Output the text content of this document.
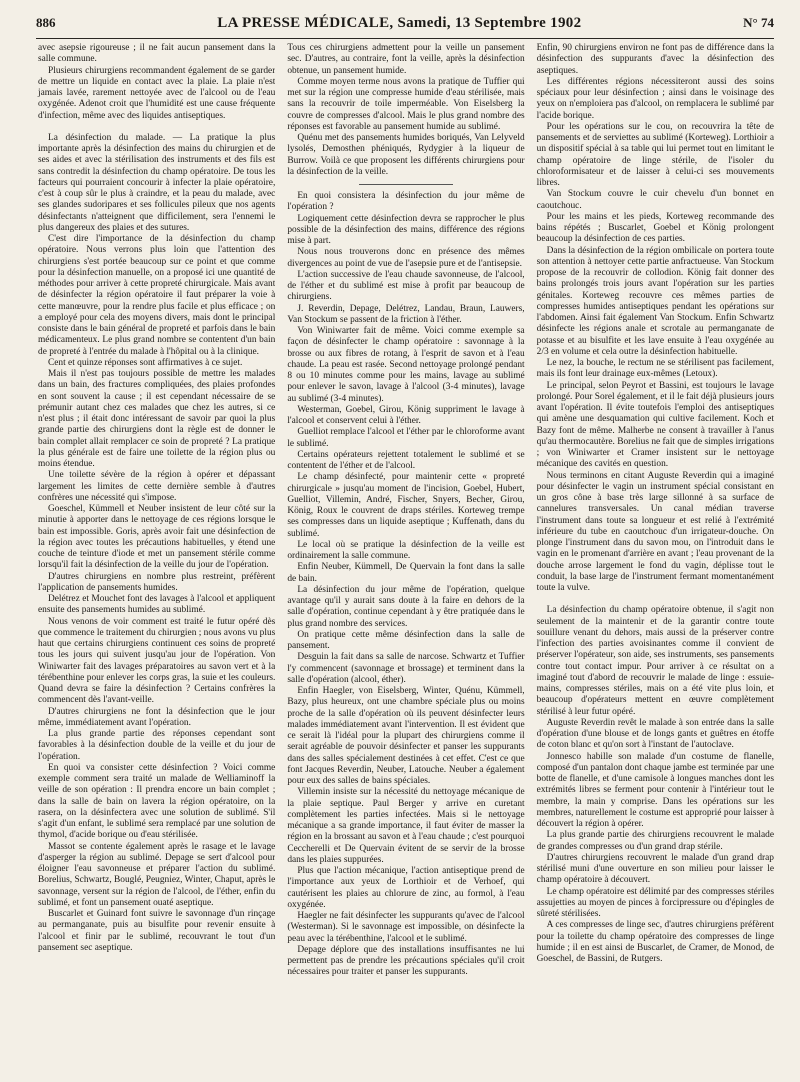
886	LA PRESSE MÉDICALE, Samedi, 13 Septembre 1902	N° 74

avec asepsie rigoureuse ; il ne fait aucun pansement dans la salle commune.

Plusieurs chirurgiens recommandent également de se garder de mettre un liquide en contact avec la plaie. La plaie n'est jamais lavée, rarement nettoyée avec de l'alcool ou de l'eau oxygénée. Adenot croit que l'humidité est une cause fréquente d'infection, même avec des liquides antiseptiques.

La désinfection du malade. — La pratique la plus importante après la désinfection des mains du chirurgien et de ses aides et avec la stérilisation des instruments et des fils est sans contredit la désinfection du champ opératoire. De tous les facteurs qui pourraient concourir à infecter la plaie opératoire, c'est à coup sûr le plus à craindre, et la peau du malade, avec ses glandes sudoripares et ses follicules pileux que nos agents désinfectants n'atteignent que difficilement, sera l'ennemi le plus dangereux des plaies et des sutures.

C'est dire l'importance de la désinfection du champ opératoire. Nous verrons plus loin que l'attention des chirurgiens s'est portée beaucoup sur ce point et que comme pour la désinfection manuelle, on a proposé ici une quantité de méthodes pour arriver à cette propreté chirurgicale. Mais avant de désinfecter la région opératoire il faut préparer la voie à cette manœuvre, pour la rendre plus facile et plus efficace ; on a employé pour cela des moyens divers, mais dont le principal consiste dans le bain général de propreté et parfois dans le bain médicamenteux. Le plus grand nombre se contentent d'un bain de propreté à l'entrée du malade à l'hôpital ou à la clinique.

Cent et quinze réponses sont affirmatives à ce sujet.

Mais il n'est pas toujours possible de mettre les malades dans un bain, des fractures compliquées, des plaies profondes en sont souvent la cause ; il est cependant nécessaire de se prémunir autant chez ces malades que chez les autres, si ce n'est plus ; il était donc intéressant de savoir par quoi la plus grande partie des chirurgiens dont la règle est de donner le bain complet allait remplacer ce soin de propreté ? La pratique la plus générale est de faire une toilette de la région plus ou moins étendue.

Une toilette sévère de la région à opérer et dépassant largement les limites de cette dernière semble à d'autres confrères une nécessité qui s'impose.

Goeschel, Kümmell et Neuber insistent de leur côté sur la minutie à apporter dans le nettoyage de ces régions lorsque le bain est impossible. Goris, après avoir fait une désinfection de la région avec toutes les précautions habituelles, y étend une couche de teinture d'iode et met un pansement stérile comme lorsqu'il fait la désinfection de la veille du jour de l'opération.

D'autres chirurgiens en nombre plus restreint, préfèrent l'application de pansements humides.

Delétrez et Mouchet font des lavages à l'alcool et appliquent ensuite des pansements humides au sublimé.

Nous venons de voir comment est traité le futur opéré dès que commence le traitement du chirurgien ; nous avons vu plus haut que certains chirurgiens continuent ces soins de propreté tous les jours qui suivent jusqu'au jour de l'opération. Von Winiwarter fait des lavages préparatoires au savon vert et à la térébenthine pour enlever les corps gras, la suie et les couleurs. Quand devra se faire la désinfection ? Certains confrères la commencent dès l'avant-veille.

D'autres chirurgiens ne font la désinfection que le jour même, immédiatement avant l'opération.

La plus grande partie des réponses cependant sont favorables à la désinfection double de la veille et du jour de l'opération.

En quoi va consister cette désinfection ? Voici comme exemple comment sera traité un malade de Welliaminoff la veille de son opération : Il prendra encore un bain complet ; dans la salle de bain on lavera la région opératoire, on la rasera, on la désinfectera avec une solution de sublimé. S'il s'agit d'un enfant, le sublimé sera remplacé par une solution de thymol, d'acide borique ou d'eau stérilisée.

Massot se contente également après le rasage et le lavage d'asperger la région au sublimé. Depage se sert d'alcool pour éloigner l'eau savonneuse et préparer l'action du sublimé. Borelius, Schwartz, Bouglé, Peugniez, Winter, Chaput, après le savonnage, versent sur la région de l'alcool, de l'éther, enfin du sublimé, et font un pansement ouaté aseptique.

Buscarlet et Guinard font suivre le savonnage d'un rinçage au permanganate, puis au bisulfite pour revenir ensuite à l'alcool et finir par le sublimé, recouvrant le tout d'un pansement sec aseptique.

Tous ces chirurgiens admettent pour la veille un pansement sec. D'autres, au contraire, font la veille, après la désinfection obtenue, un pansement humide.

Comme moyen terme nous avons la pratique de Tuffier qui met sur la région une compresse humide d'eau stérilisée, mais sans la recouvrir de toile imperméable. Von Eiselsberg la couvre de compresses d'alcool. Mais le plus grand nombre des réponses est favorable au pansement humide au sublimé.

Quénu met des pansements humides boriqués, Van Lelyveld lysolés, Demosthen phéniqués, Rydygier à la liqueur de Burrow. Voilà ce que proposent les différents chirurgiens pour la désinfection de la veille.

En quoi consistera la désinfection du jour même de l'opération ?

Logiquement cette désinfection devra se rapprocher le plus possible de la désinfection des mains, différence des régions mise à part.

Nous nous trouverons donc en présence des mêmes divergences au point de vue de l'asepsie pure et de l'antisepsie.

L'action successive de l'eau chaude savonneuse, de l'alcool, de l'éther et du sublimé est mise à profit par beaucoup de chirurgiens.

J. Reverdin, Depage, Delétrez, Landau, Braun, Lauwers, Van Stockum se passent de la friction à l'éther.

Von Winiwarter fait de même. Voici comme exemple sa façon de désinfecter le champ opératoire : savonnage à la brosse ou aux fibres de rotang, à l'esprit de savon et à l'eau chaude. La peau est rasée. Second nettoyage prolongé pendant 8 ou 10 minutes comme pour les mains, lavage au sublimé pour enlever le savon, lavage à l'alcool (3-4 minutes), lavage au sublimé (3-4 minutes).

Westerman, Goebel, Girou, König suppriment le lavage à l'alcool et conservent celui à l'éther.

Guelliot remplace l'alcool et l'éther par le chloroforme avant le sublimé.

Certains opérateurs rejettent totalement le sublimé et se contentent de l'éther et de l'alcool.

Le champ désinfecté, pour maintenir cette « propreté chirurgicale » jusqu'au moment de l'incision, Goebel, Hubert, Guelliot, Villemin, André, Fischer, Snyers, Becher, Girou, König, Roux le couvrent de draps stériles. Korteweg trempe ses compresses dans un liquide aseptique ; Kuffenath, dans du sublimé.

Le local où se pratique la désinfection de la veille est ordinairement la salle commune.

Enfin Neuber, Kümmell, De Quervain la font dans la salle de bain.

La désinfection du jour même de l'opération, quelque avantage qu'il y aurait sans doute à la faire en dehors de la salle d'opération, continue cependant à y être pratiquée dans le plus grand nombre des services.

On pratique cette même désinfection dans la salle de pansement.

Desguin la fait dans sa salle de narcose. Schwartz et Tuffier l'y commencent (savonnage et brossage) et terminent dans la salle d'opération (alcool, éther).

Enfin Haegler, von Eiselsberg, Winter, Quénu, Kümmell, Bazy, plus heureux, ont une chambre spéciale plus ou moins proche de la salle d'opération où ils peuvent désinfecter leurs malades immédiatement avant l'intervention. Il est évident que ce serait là l'idéal pour la plupart des chirurgiens comme il serait agréable de pouvoir désinfecter et panser les suppurants dans des salles spécialement destinées à cet effet. C'est ce que font Jacques Reverdin, Neuber, Latouche. Neuber a également pour eux des salles de bains spéciales.

Villemin insiste sur la nécessité du nettoyage mécanique de la plaie septique. Paul Berger y arrive en curetant complètement les parties infectées. Mais si le nettoyage mécanique a sa grande importance, il faut éviter de masser la région en la brossant au savon et à l'eau chaude ; c'est pourquoi Ceccherelli et De Quervain évitent de se servir de la brosse dans les plaies suppurées.

Plus que l'action mécanique, l'action antiseptique prend de l'importance aux yeux de Lorthioir et de Verhoef, qui cautérisent les plaies au chlorure de zinc, au formol, à l'eau oxygénée.

Haegler ne fait désinfecter les suppurants qu'avec de l'alcool (Westerman). Si le savonnage est impossible, on désinfecte la peau avec la térébenthine, l'alcool et le sublimé.

Depage déplore que des installations insuffisantes ne lui permettent pas de prendre les précautions spéciales qu'il croit nécessaires pour traiter et panser les suppurants.

Enfin, 90 chirurgiens environ ne font pas de différence dans la désinfection des suppurants d'avec la désinfection des aseptiques.

Les différentes régions nécessiteront aussi des soins spéciaux pour leur désinfection ; ainsi dans le voisinage des yeux on n'emploiera pas d'alcool, on remplacera le sublimé par l'acide borique.

Pour les opérations sur le cou, on recouvrira la tête de pansements et de serviettes au sublimé (Korteweg). Lorthioir a un dispositif spécial à sa table qui lui permet tout en limitant le champ opératoire de linge stérile, de l'isoler du chloroformisateur et de laisser à celui-ci ses mouvements libres.

Van Stockum couvre le cuir chevelu d'un bonnet en caoutchouc.

Pour les mains et les pieds, Korteweg recommande des bains répétés ; Buscarlet, Goebel et König prolongent beaucoup la désinfection de ces parties.

Dans la désinfection de la région ombilicale on portera toute son attention à nettoyer cette partie anfractueuse. Van Stockum propose de la recouvrir de collodion. König fait donner des bains prolongés trois jours avant l'opération sur les parties génitales. Korteweg recouvre ces mêmes parties de compresses humides antiseptiques pendant les opérations sur l'abdomen. Ainsi fait également Van Stockum. Enfin Schwartz désinfecte les régions anale et scrotale au permanganate de potasse et au bisulfite et les lave ensuite à l'eau oxygénée au 2/3 en volume et cela outre la désinfection habituelle.

Le nez, la bouche, le rectum ne se stérilisent pas facilement, mais ils font leur drainage eux-mêmes (Letoux).

Le principal, selon Peyrot et Bassini, est toujours le lavage prolongé. Pour Sorel également, et il le fait déjà plusieurs jours avant l'opération. Il évite toutefois l'emploi des antiseptiques qui amène une desquamation qui cultive facilement. Koch et Bazy font de même. Malherbe ne consent à travailler à l'anus qu'au thermocautère. Borelius ne fait que de simples irrigations ; von Winiwarter et Cramer insistent sur le nettoyage mécanique des cavités en question.

Nous terminons en citant Auguste Reverdin qui a imaginé pour désinfecter le vagin un instrument spécial consistant en un gros cône à base très large sillonné à sa surface de cannelures transversales. Un canal médian traverse l'instrument dans toute sa longueur et est relié à l'extrémité inférieure du tube en caoutchouc d'un irrigateur-douche. On plonge l'instrument dans du savon mou, on l'introduit dans le vagin en le promenant d'arrière en avant ; l'eau provenant de la douche arrose largement le fond du vagin, déplisse tout le conduit, la base large de l'instrument fermant momentanément toute la vulve.

La désinfection du champ opératoire obtenue, il s'agit non seulement de la maintenir et de la garantir contre toute souillure venant du dehors, mais aussi de la préserver contre l'infection des parties avoisinantes comme il convient de préserver l'opérateur, son aide, ses instruments, ses pansements contre tout contact impur. Pour arriver à ce résultat on a imaginé tout d'abord de recouvrir le malade de linge : essuie-mains, compresses stériles, mais on a été vite plus loin, et beaucoup d'opérateurs mettent en œuvre complètement stérilisé à leur futur opéré.

Auguste Reverdin revêt le malade à son entrée dans la salle d'opération d'une blouse et de longs gants et guêtres en étoffe de coton blanc et qu'on sort à l'instant de l'autoclave.

Jonnesco habille son malade d'un costume de flanelle, composé d'un pantalon dont chaque jambe est terminée par une botte de flanelle, et d'une camisole à longues manches dont les extrémités libres se ferment pour contenir à l'intérieur tout le membre, la main y comprise. Dans les opérations sur les membres, naturellement le costume est approprié pour laisser à découvert la région à opérer.

La plus grande partie des chirurgiens recouvrent le malade de grandes compresses ou d'un grand drap stérile.

D'autres chirurgiens recouvrent le malade d'un grand drap stérilisé muni d'une ouverture en son milieu pour laisser le champ opératoire à découvert.

Le champ opératoire est délimité par des compresses stériles assujetties au moyen de pinces à forcipressure ou d'épingles de sûreté stérilisées.

A ces compresses de linge sec, d'autres chirurgiens préfèrent pour la toilette du champ opératoire des compresses de linge humide ; il en est ainsi de Buscarlet, de Cramer, de Monod, de Goeschel, de Bassini, de Rutgers.
